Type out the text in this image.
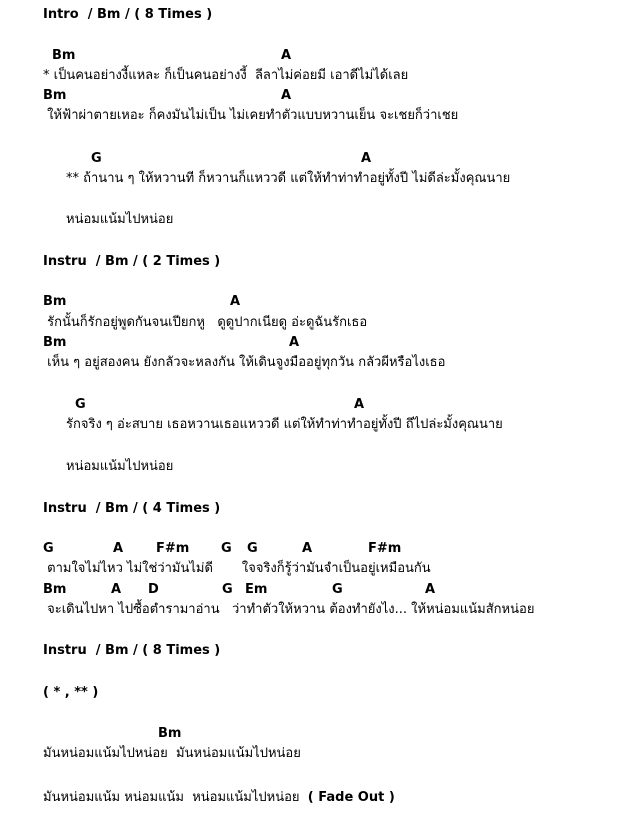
Intro  / Bm / ( 8 Times )
Bm	A
* เป็นคนอย่างงี้แหละ ก็เป็นคนอย่างงี้  ลีลาไม่ค่อยมี เอาดีไม่ได้เลย
Bm	A
ให้ฟ้าผ่าตายเหอะ ก็คงมันไม่เป็น ไม่เคยทำตัวแบบหวานเย็น จะเชยก็ว่าเชย
G	A
** ถ้านาน ๆ ให้หวานที ก็หวานก็แหววดี แต่ให้ทำท่าทำอยู่ทั้งปี ไม่ดีล่ะมั้งคุณนาย
หน่อมแน้มไปหน่อย
Instru  / Bm / ( 2 Times )
Bm	A
รักนั้นก็รักอยู่พูดกันจนเปียกหู   ดูดูปากเนียดู อ่ะดูฉันรักเธอ
Bm	A
เห็น ๆ อยู่สองคน ยังกลัวจะหลงกัน ให้เดินจูงมืออยู่ทุกวัน กลัวผีหรือไงเธอ
G	A
รักจริง ๆ อ่ะสบาย เธอหวานเธอแหววดี แต่ให้ทำท่าทำอยู่ทั้งปี ถึไปล่ะมั้งคุณนาย
หน่อมแน้มไปหน่อย
Instru  / Bm / ( 4 Times )
G	A	F#m G G	A	F#m
ตามใจไม่ไหว ไม่ใช่ว่ามันไม่ดี       ใจจริงก็รู้ว่ามันจำเป็นอยู่เหมือนกัน
Bm	A D	G Em	G	A
จะเดินไปหา ไปซื้อตำรามาอ่าน   ว่าทำตัวให้หวาน ต้องทำยังไง... ให้หน่อมแน้มสักหน่อย
Instru  / Bm / ( 8 Times )
( * , ** )
Bm
มันหน่อมแน้มไปหน่อย  มันหน่อมแน้มไปหน่อย
มันหน่อมแน้ม หน่อมแน้ม  หน่อมแน้มไปหน่อย  ( Fade Out )
